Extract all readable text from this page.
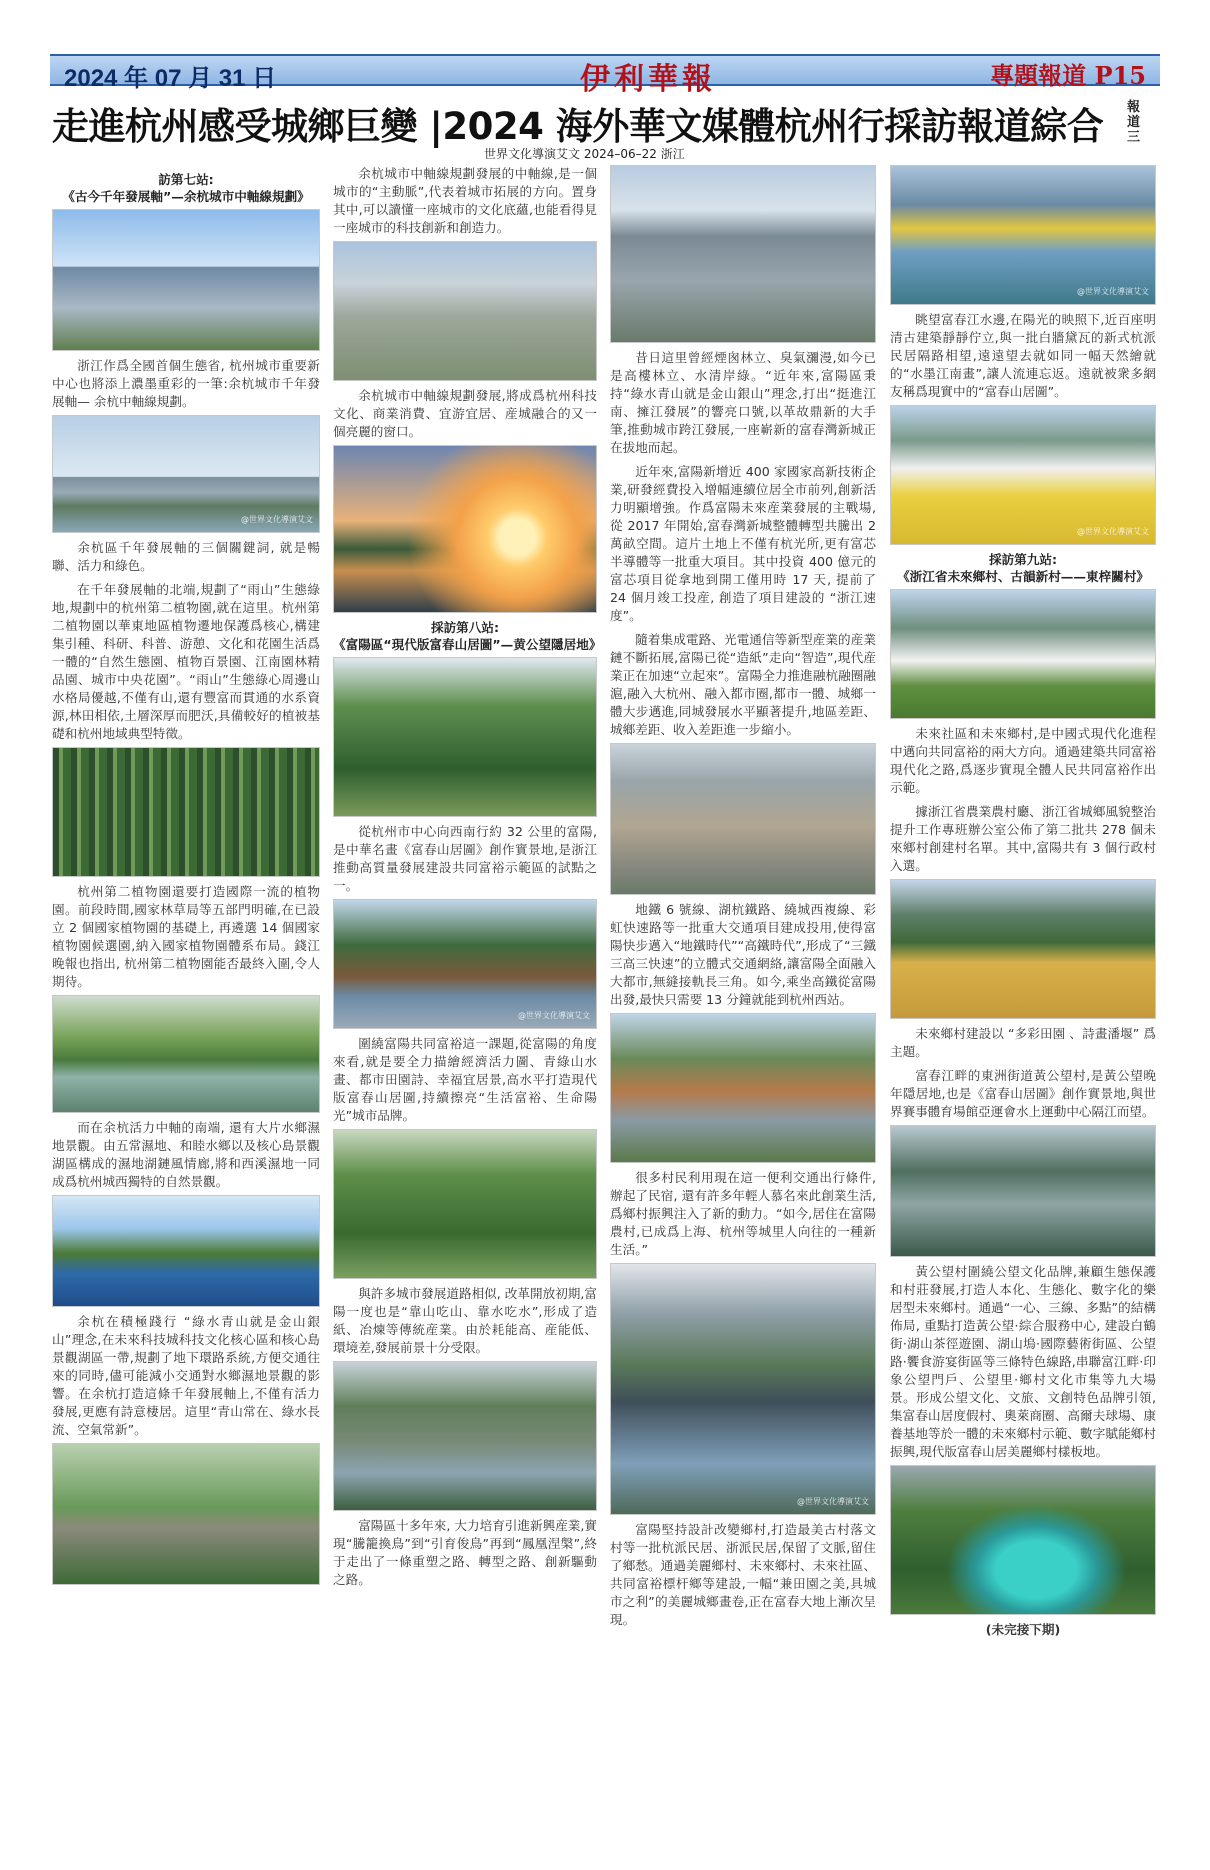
2024 年 07 月 31 日	伊利華報	專題報道 P15
走進杭州感受城鄉巨變 |2024 海外華文媒體杭州行採訪報道綜合 報道三
世界文化導演艾文 2024–06–22 浙江
訪第七站:
《古今千年發展軸”—余杭城市中軸線規劃》

浙江作爲全國首個生態省, 杭州城市重要新中心也將添上濃墨重彩的一筆:余杭城市千年發展軸— 余杭中軸線規劃。

@世界文化導演艾文

余杭區千年發展軸的三個關鍵詞, 就是暢聯、活力和綠色。

在千年發展軸的北端,規劃了“雨山”生態綠地,規劃中的杭州第二植物園,就在這里。杭州第二植物園以華東地區植物遷地保護爲核心,構建集引種、科研、科普、游憩、文化和花園生活爲一體的“自然生態園、植物百景園、江南園林精品園、城市中央花園”。“雨山”生態綠心周邊山水格局優越,不僅有山,還有豐富而貫通的水系資源,林田相依,土層深厚而肥沃,具備較好的植被基礎和杭州地域典型特徵。

杭州第二植物園還要打造國際一流的植物園。前段時間,國家林草局等五部門明確,在已設立 2 個國家植物園的基礎上, 再遴選 14 個國家植物園候選園,納入國家植物園體系布局。錢江晚報也指出, 杭州第二植物園能否最終入圍,令人期待。

而在余杭活力中軸的南端, 還有大片水鄉濕地景觀。由五常濕地、和睦水鄉以及核心島景觀湖區構成的濕地湖鏈風情廊,將和西溪濕地一同成爲杭州城西獨特的自然景觀。

余杭在積極踐行 “綠水青山就是金山銀山”理念,在未來科技城科技文化核心區和核心島景觀湖區一帶,規劃了地下環路系統,方便交通往來的同時,儘可能減小交通對水鄉濕地景觀的影響。在余杭打造這條千年發展軸上,不僅有活力發展,更應有詩意棲居。這里“青山常在、綠水長流、空氣常新”。

余杭城市中軸線規劃發展的中軸線,是一個城市的“主動脈”,代表着城市拓展的方向。置身其中,可以讀懂一座城市的文化底蘊,也能看得見一座城市的科技創新和創造力。

余杭城市中軸線規劃發展,將成爲杭州科技文化、商業消費、宜游宜居、産城融合的又一個亮麗的窗口。

採訪第八站:
《富陽區“現代版富春山居圖”—黄公望隱居地》

從杭州市中心向西南行約 32 公里的富陽,是中華名畫《富春山居圖》創作實景地,是浙江推動高質量發展建設共同富裕示範區的試點之一。

@世界文化導演艾文

圍繞富陽共同富裕這一課題,從富陽的角度來看,就是要全力描繪經濟活力圖、青綠山水畫、都市田園詩、幸福宜居景,高水平打造現代版富春山居圖,持續擦亮“生活富裕、生命陽光”城市品牌。

與許多城市發展道路相似, 改革開放初期,富陽一度也是“靠山吃山、靠水吃水”,形成了造紙、冶煉等傳統産業。由於耗能高、産能低、環境差,發展前景十分受限。

富陽區十多年來, 大力培育引進新興産業,實現“騰籠換鳥”到“引育俊鳥”再到“鳳凰涅槃”,終于走出了一條重塑之路、轉型之路、創新驅動之路。

昔日這里曾經煙囪林立、臭氣瀰漫,如今已是高樓林立、水清岸綠。“近年來,富陽區秉持“綠水青山就是金山銀山”理念,打出“挺進江南、擁江發展”的響亮口號,以革故鼎新的大手筆,推動城市跨江發展,一座嶄新的富春灣新城正在拔地而起。

近年來,富陽新增近 400 家國家高新技術企業,研發經費投入增幅連續位居全市前列,創新活力明顯增強。作爲富陽未來産業發展的主戰場,從 2017 年開始,富春灣新城整體轉型共騰出 2 萬畝空間。這片土地上不僅有杭光所,更有富芯半導體等一批重大項目。其中投資 400 億元的富芯項目從拿地到開工僅用時 17 天, 提前了 24 個月竣工投産, 創造了項目建設的 “浙江速度”。

隨着集成電路、光電通信等新型産業的産業鏈不斷拓展,富陽已從“造紙”走向“智造”,現代産業正在加速“立起來”。富陽全力推進融杭融圈融滬,融入大杭州、融入都市圈,都市一體、城鄉一體大步邁進,同城發展水平顯著提升,地區差距、城鄉差距、收入差距進一步縮小。

地鐵 6 號線、湖杭鐵路、繞城西複線、彩虹快速路等一批重大交通項目建成投用,使得富陽快步邁入“地鐵時代”“高鐵時代”,形成了“三鐵三高三快速”的立體式交通網絡,讓富陽全面融入大都市,無縫接軌長三角。如今,乘坐高鐵從富陽出發,最快只需要 13 分鐘就能到杭州西站。

很多村民利用現在這一便利交通出行條件,辦起了民宿, 還有許多年輕人慕名來此創業生活,爲鄉村振興注入了新的動力。“如今,居住在富陽農村,已成爲上海、杭州等城里人向往的一種新生活。”

@世界文化導演艾文

富陽堅持設計改變鄉村,打造最美古村落文村等一批杭派民居、浙派民居,保留了文脈,留住了鄉愁。通過美麗鄉村、未來鄉村、未來社區、共同富裕標杆鄉等建設,一幅“兼田園之美,具城市之利”的美麗城鄉畫卷,正在富春大地上漸次呈現。

@世界文化導演艾文

眺望富春江水邊,在陽光的映照下,近百座明清古建築靜靜佇立,與一批白牆黛瓦的新式杭派民居隔路相望,遠遠望去就如同一幅天然繪就的“水墨江南畫”,讓人流連忘返。遠就被衆多網友稱爲現實中的“富春山居圖”。

@世界文化導演艾文
採訪第九站:
《浙江省未來鄉村、古韻新村——東梓關村》

未來社區和未來鄉村,是中國式現代化進程中邁向共同富裕的兩大方向。通過建築共同富裕現代化之路,爲逐步實現全體人民共同富裕作出示範。

據浙江省農業農村廳、浙江省城鄉風貌整治提升工作專班辦公室公佈了第二批共 278 個未來鄉村創建村名單。其中,富陽共有 3 個行政村入選。

未來鄉村建設以 “多彩田園 、詩畫潘堰” 爲主題。

富春江畔的東洲街道黃公望村,是黃公望晚年隱居地,也是《富春山居圖》創作實景地,與世界賽事體育場館亞運會水上運動中心隔江而望。

黃公望村圍繞公望文化品牌,兼顧生態保護和村莊發展,打造人本化、生態化、數字化的樂居型未來鄉村。通過“一心、三線、多點”的結構佈局, 重點打造黃公望·綜合服務中心, 建設白鶴街·湖山茶徑遊園、湖山塢·國際藝術街區、公望路·饗食游宴街區等三條特色線路,串聯富江畔·印象公望門戶、公望里·鄉村文化市集等九大場景。形成公望文化、文旅、文創特色品牌引領,集富春山居度假村、奧萊商圈、高爾夫球場、康養基地等於一體的未來鄉村示範、數字賦能鄉村振興,現代版富春山居美麗鄉村樣板地。

(未完接下期)
